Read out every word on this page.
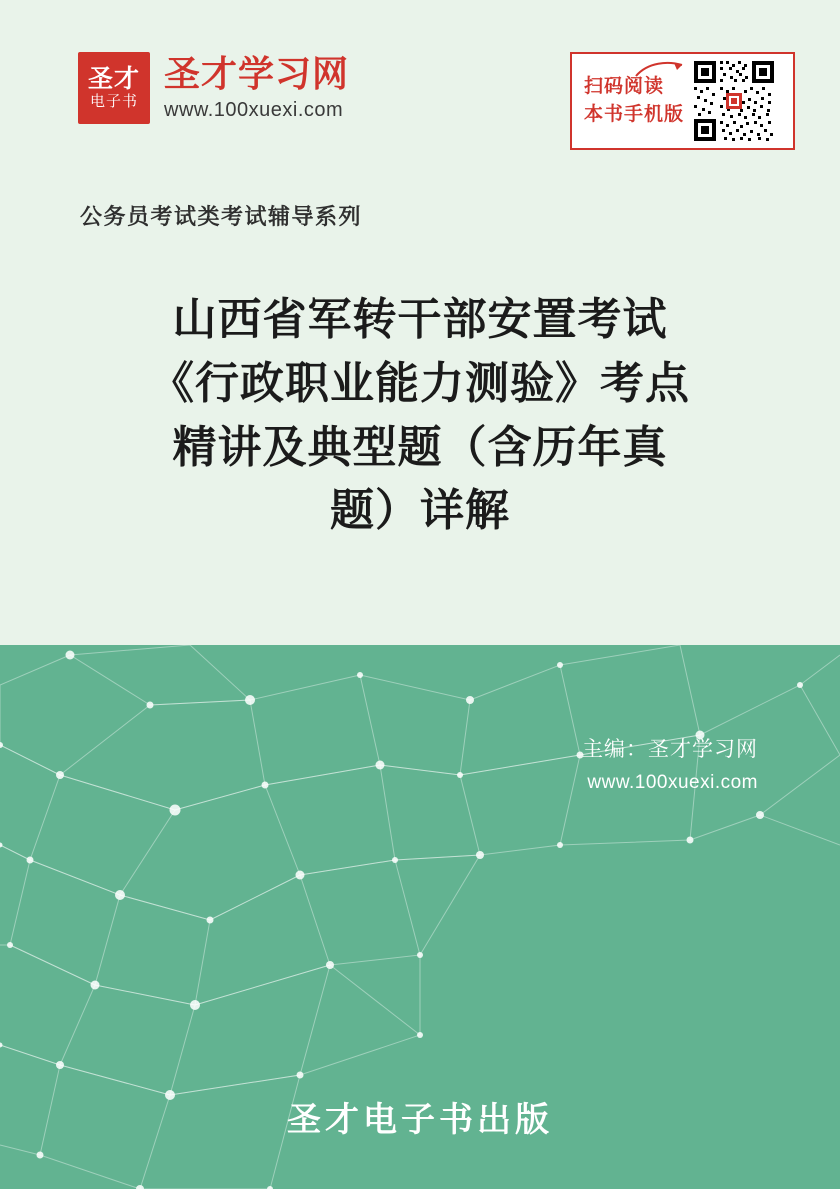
圣才
电子书
圣才学习网
www.100xuexi.com
扫码阅读
本书手机版
公务员考试类考试辅导系列
山西省军转干部安置考试
《行政职业能力测验》考点
精讲及典型题（含历年真
题）详解
主编：圣才学习网
www.100xuexi.com
圣才电子书出版
